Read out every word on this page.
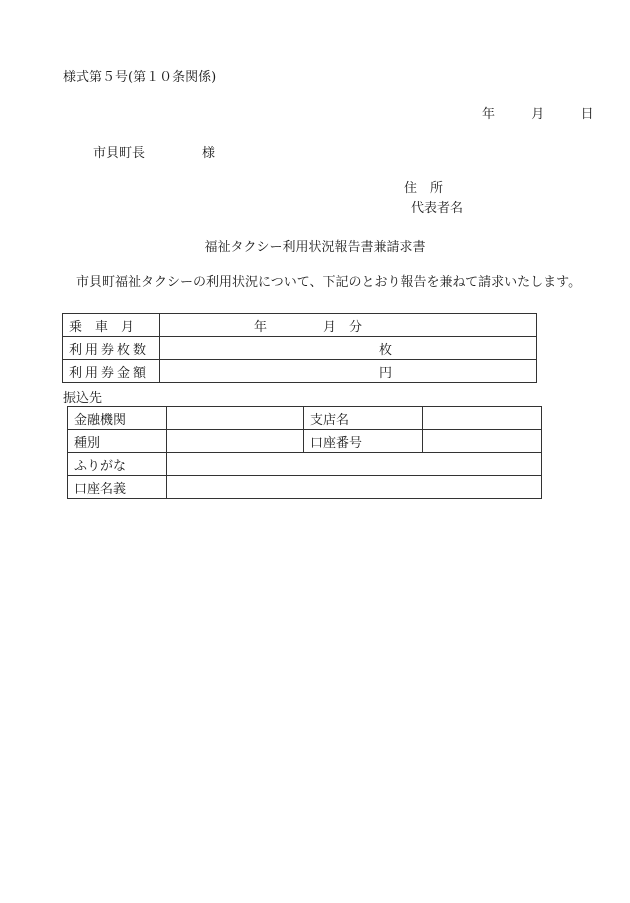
様式第５号(第１０条関係)
年	月	日
市貝町長	様
住　所
代表者名
福祉タクシー利用状況報告書兼請求書
市貝町福祉タクシーの利用状況について、下記のとおり報告を兼ねて請求いたします。
乗　車　月	年 月　分
利用券枚数	枚
利用券金額	円
振込先
金融機関		支店名	
種別		口座番号	
ふりがな			
口座名義			
